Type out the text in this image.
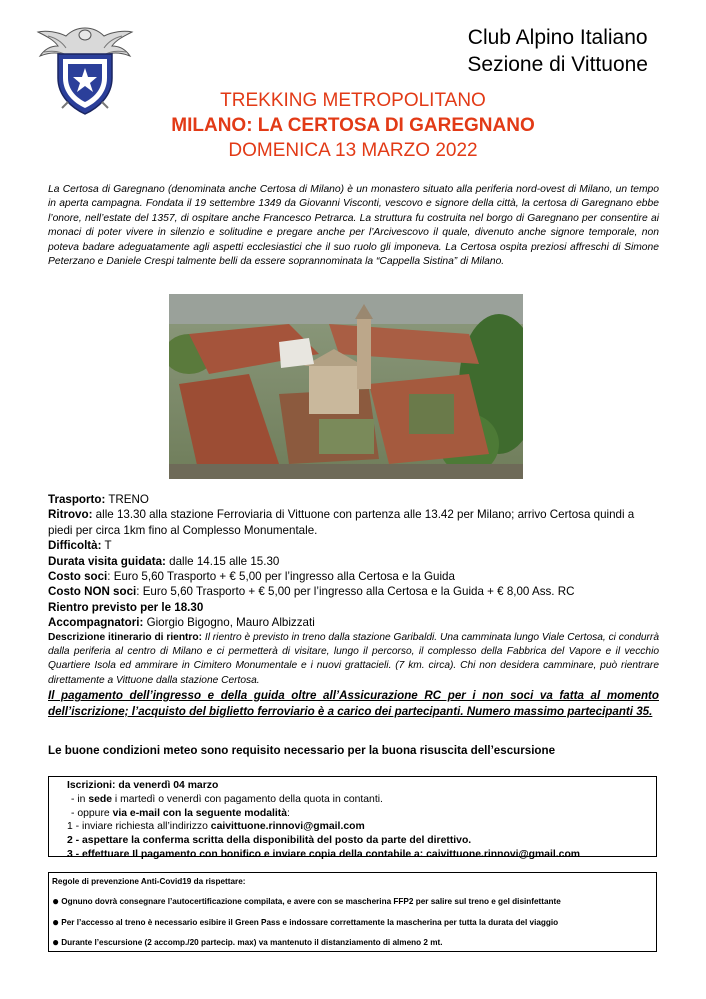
Club Alpino Italiano
Sezione di Vittuone
TREKKING METROPOLITANO
MILANO: LA CERTOSA DI GAREGNANO
DOMENICA 13 MARZO 2022
La Certosa di Garegnano (denominata anche Certosa di Milano) è un monastero situato alla periferia nord-ovest di Milano, un tempo in aperta campagna. Fondata il 19 settembre 1349 da Giovanni Visconti, vescovo e signore della città, la certosa di Garegnano ebbe l’onore, nell’estate del 1357, di ospitare anche Francesco Petrarca. La struttura fu costruita nel borgo di Garegnano per consentire ai monaci di poter vivere in silenzio e solitudine e pregare anche per l’Arcivescovo il quale, divenuto anche signore temporale, non poteva badare adeguatamente agli aspetti ecclesiastici che il suo ruolo gli imponeva. La Certosa ospita preziosi affreschi di Simone Peterzano e Daniele Crespi talmente belli da essere soprannominata la “Cappella Sistina” di Milano.

Trasporto: TRENO

Ritrovo: alle 13.30 alla stazione Ferroviaria di Vittuone con partenza alle 13.42 per Milano; arrivo Certosa quindi a piedi per circa 1km fino al Complesso Monumentale.

Difficoltà: T

Durata visita guidata: dalle 14.15 alle 15.30

Costo soci: Euro 5,60 Trasporto + € 5,00 per l’ingresso alla Certosa e la Guida

Costo NON soci: Euro 5,60 Trasporto + € 5,00 per l’ingresso alla Certosa e la Guida + € 8,00 Ass. RC

Rientro previsto per le 18.30

Accompagnatori: Giorgio Bigogno, Mauro Albizzati

Descrizione itinerario di rientro: Il rientro è previsto in treno dalla stazione Garibaldi. Una camminata lungo Viale Certosa, ci condurrà dalla periferia al centro di Milano e ci permetterà di visitare, lungo il percorso, il complesso della Fabbrica del Vapore e il vecchio Quartiere Isola ed ammirare in Cimitero Monumentale e i nuovi grattacieli. (7 km. circa). Chi non desidera camminare, può rientrare direttamente a Vittuone dalla stazione Certosa.

Il pagamento dell’ingresso e della guida oltre all’Assicurazione RC per i non soci va fatta al momento dell’iscrizione; l’acquisto del biglietto ferroviario è a carico dei partecipanti. Numero massimo partecipanti 35.
Le buone condizioni meteo sono requisito necessario per la buona risuscita dell’escursione
Iscrizioni: da venerdì 04 marzo
- in sede i martedì o venerdì con pagamento della quota in contanti.
- oppure via e-mail con la seguente modalità:
1 - inviare richiesta all’indirizzo caivittuone.rinnovi@gmail.com
2 - aspettare la conferma scritta della disponibilità del posto da parte del direttivo.
3 - effettuare Il pagamento con bonifico e inviare copia della contabile a: caivittuone.rinnovi@gmail.com
Regole di prevenzione Anti-Covid19 da rispettare:
● Ognuno dovrà consegnare l’autocertificazione compilata, e avere con se mascherina FFP2 per salire sul treno e gel disinfettante
● Per l’accesso al treno è necessario esibire il Green Pass e indossare correttamente la mascherina per tutta la durata del viaggio
● Durante l’escursione (2 accomp./20 partecip. max) va mantenuto il distanziamento di almeno 2 mt.
